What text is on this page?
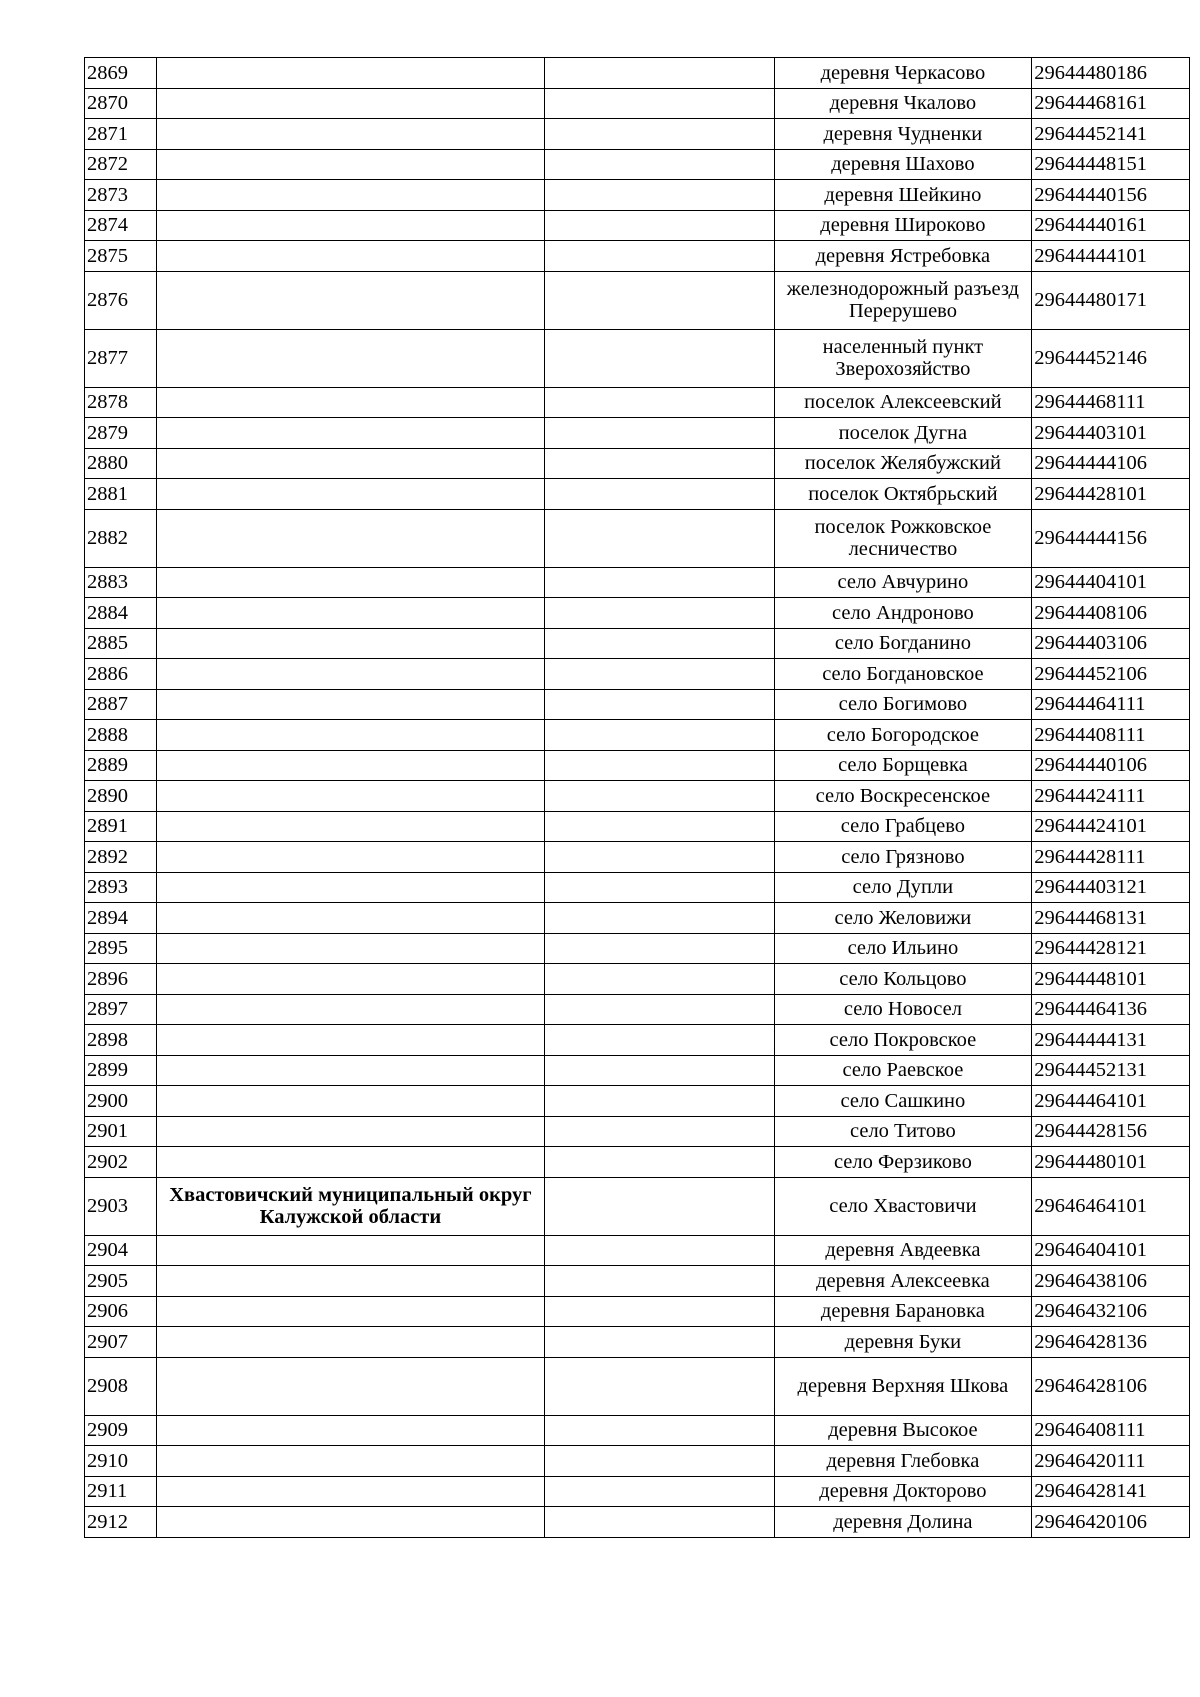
2869			деревня Черкасово	29644480186
2870			деревня Чкалово	29644468161
2871			деревня Чудненки	29644452141
2872			деревня Шахово	29644448151
2873			деревня Шейкино	29644440156
2874			деревня Широково	29644440161
2875			деревня Ястребовка	29644444101
2876			железнодорожный разъезд Перерушево	29644480171
2877			населенный пункт Зверохозяйство	29644452146
2878			поселок Алексеевский	29644468111
2879			поселок Дугна	29644403101
2880			поселок Желябужский	29644444106
2881			поселок Октябрьский	29644428101
2882			поселок Рожковское лесничество	29644444156
2883			село Авчурино	29644404101
2884			село Андроново	29644408106
2885			село Богданино	29644403106
2886			село Богдановское	29644452106
2887			село Богимово	29644464111
2888			село Богородское	29644408111
2889			село Борщевка	29644440106
2890			село Воскресенское	29644424111
2891			село Грабцево	29644424101
2892			село Грязново	29644428111
2893			село Дупли	29644403121
2894			село Желовижи	29644468131
2895			село Ильино	29644428121
2896			село Кольцово	29644448101
2897			село Новосел	29644464136
2898			село Покровское	29644444131
2899			село Раевское	29644452131
2900			село Сашкино	29644464101
2901			село Титово	29644428156
2902			село Ферзиково	29644480101
2903	Хвастовичский муниципальный округ Калужской области		село Хвастовичи	29646464101
2904			деревня Авдеевка	29646404101
2905			деревня Алексеевка	29646438106
2906			деревня Барановка	29646432106
2907			деревня Буки	29646428136
2908			деревня Верхняя Шкова	29646428106
2909			деревня Высокое	29646408111
2910			деревня Глебовка	29646420111
2911			деревня Докторово	29646428141
2912			деревня Долина	29646420106
